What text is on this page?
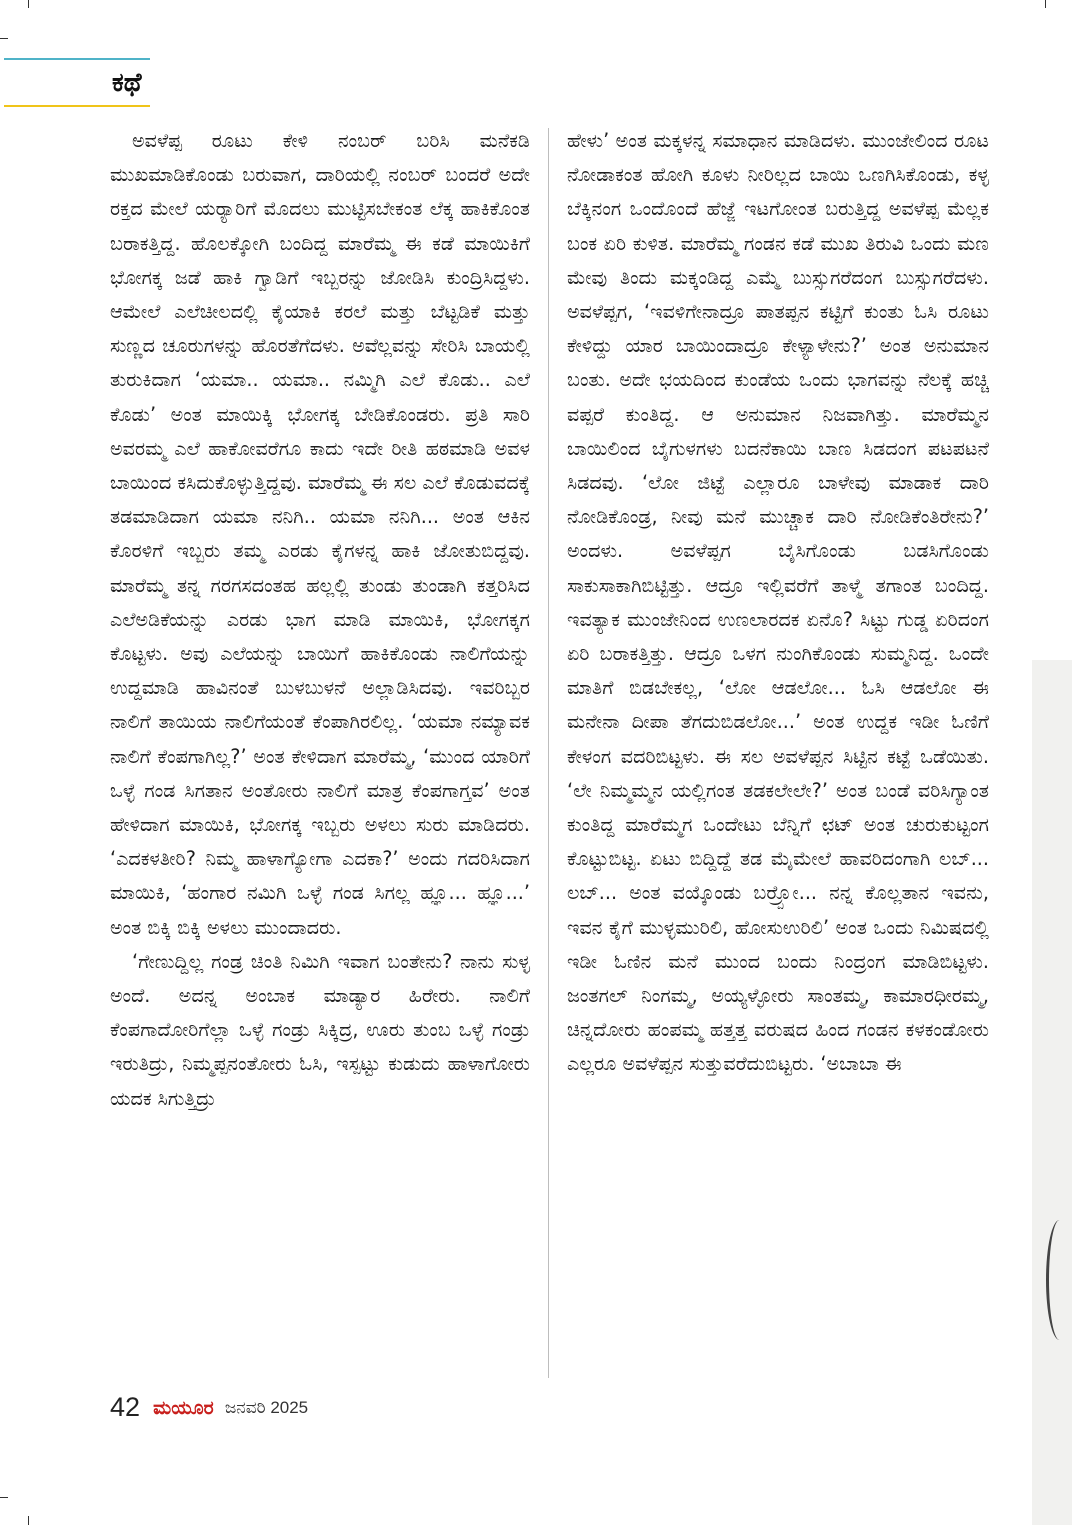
ಕಥೆ

ಅವಳೆಪ್ಪ ರೂಟು ಕೇಳಿ ನಂಬರ್ ಬರಿಸಿ ಮನೆಕಡಿ ಮುಖಮಾಡಿಕೊಂಡು ಬರುವಾಗ, ದಾರಿಯಲ್ಲಿ ನಂಬರ್ ಬಂದರೆ ಅದೇ ರಕ್ತದ ಮೇಲೆ ಯರ್‍ಯಾರಿಗೆ ಮೊದಲು ಮುಟ್ಟಿಸಬೇಕಂತ ಲೆಕ್ಕ ಹಾಕಿಕೊಂತ ಬರಾಕತ್ತಿದ್ದ. ಹೊಲಕ್ಕೋಗಿ ಬಂದಿದ್ದ ಮಾರೆಮ್ಮ ಈ ಕಡೆ ಮಾಯಿಕಿಗೆ ಭೋಗಕ್ಕ ಜಡೆ ಹಾಕಿ ಗ್ವಾಡಿಗೆ ಇಬ್ಬರನ್ನು ಜೋಡಿಸಿ ಕುಂದ್ರಿಸಿದ್ದಳು. ಆಮೇಲೆ ಎಲೆಚೀಲದಲ್ಲಿ ಕೈಯಾಕಿ ಕರಲೆ ಮತ್ತು ಬೆಟ್ಟಡಿಕೆ ಮತ್ತು ಸುಣ್ಣದ ಚೂರುಗಳನ್ನು ಹೊರತೆಗೆದಳು. ಅವೆಲ್ಲವನ್ನು ಸೇರಿಸಿ ಬಾಯಲ್ಲಿ ತುರುಕಿದಾಗ ‘ಯಮಾ.. ಯಮಾ.. ನಮ್ಮಿಗಿ ಎಲೆ ಕೊಡು.. ಎಲೆ ಕೊಡು’ ಅಂತ ಮಾಯಿಕ್ಕಿ ಭೋಗಕ್ಕ ಬೇಡಿಕೊಂಡರು. ಪ್ರತಿ ಸಾರಿ ಅವರಮ್ಮ ಎಲೆ ಹಾಕೋವರೆಗೂ ಕಾದು ಇದೇ ರೀತಿ ಹಠಮಾಡಿ ಅವಳ ಬಾಯಿಂದ ಕಸಿದುಕೊಳ್ಳುತ್ತಿದ್ದವು. ಮಾರೆಮ್ಮ ಈ ಸಲ ಎಲೆ ಕೊಡುವದಕ್ಕೆ ತಡಮಾಡಿದಾಗ ಯಮಾ ನನಿಗಿ.. ಯಮಾ ನನಿಗಿ... ಅಂತ ಆಕಿನ ಕೊರಳಿಗೆ ಇಬ್ಬರು ತಮ್ಮ ಎರಡು ಕೈಗಳನ್ನ ಹಾಕಿ ಜೋತುಬಿದ್ದವು. ಮಾರೆಮ್ಮ ತನ್ನ ಗರಗಸದಂತಹ ಹಲ್ಲಲ್ಲಿ ತುಂಡು ತುಂಡಾಗಿ ಕತ್ತರಿಸಿದ ಎಲೆಅಡಿಕೆಯನ್ನು ಎರಡು ಭಾಗ ಮಾಡಿ ಮಾಯಿಕಿ, ಭೋಗಕ್ಕಗ ಕೊಟ್ಟಳು. ಅವು ಎಲೆಯನ್ನು ಬಾಯಿಗೆ ಹಾಕಿಕೊಂಡು ನಾಲಿಗೆಯನ್ನು ಉದ್ದಮಾಡಿ ಹಾವಿನಂತೆ ಬುಳಬುಳನೆ ಅಲ್ಲಾಡಿಸಿದವು. ಇವರಿಬ್ಬರ ನಾಲಿಗೆ ತಾಯಿಯ ನಾಲಿಗೆಯಂತೆ ಕೆಂಪಾಗಿರಲಿಲ್ಲ. ‘ಯಮಾ ನಮ್ಯಾವಕ ನಾಲಿಗೆ ಕೆಂಪಗಾಗಿಲ್ಲ?’ ಅಂತ ಕೇಳಿದಾಗ ಮಾರೆಮ್ಮ, ‘ಮುಂದ ಯಾರಿಗೆ ಒಳ್ಳೆ ಗಂಡ ಸಿಗತಾನ ಅಂತೋರು ನಾಲಿಗೆ ಮಾತ್ರ ಕೆಂಪಗಾಗ್ತವ’ ಅಂತ ಹೇಳಿದಾಗ ಮಾಯಿಕಿ, ಭೋಗಕ್ಕ ಇಬ್ಬರು ಅಳಲು ಸುರು ಮಾಡಿದರು. ‘ಎದಕಳತೀರಿ? ನಿಮ್ಮ ಹಾಳಾಗ್ಯೋಗಾ ಎದಕಾ?’ ಅಂದು ಗದರಿಸಿದಾಗ ಮಾಯಿಕಿ, ‘ಹಂಗಾರ ನಮಿಗಿ ಒಳ್ಳೆ ಗಂಡ ಸಿಗಲ್ಲ ಹ್ಞೂ... ಹ್ಞೂ...’ ಅಂತ ಬಿಕ್ಕಿ ಬಿಕ್ಕಿ ಅಳಲು ಮುಂದಾದರು.

‘ಗೇಣುದ್ದಿಲ್ಲ ಗಂಡ್ರ ಚಿಂತಿ ನಿಮಿಗಿ ಇವಾಗ ಬಂತೇನು? ನಾನು ಸುಳ್ಳ ಅಂದೆ. ಅದನ್ನ ಅಂಬಾಕ ಮಾಡ್ಯಾರ ಹಿರೇರು. ನಾಲಿಗೆ ಕೆಂಪಗಾದೋರಿಗೆಲ್ಲಾ ಒಳ್ಳೆ ಗಂಡ್ರು ಸಿಕ್ಕಿದ್ರ, ಊರು ತುಂಬ ಒಳ್ಳೆ ಗಂಡ್ರು ಇರುತಿದ್ರು, ನಿಮ್ಮಪ್ಪನಂತೋರು ಓಸಿ, ಇಸ್ಪಟ್ಟು ಕುಡುದು ಹಾಳಾಗೋರು ಯದಕ ಸಿಗುತ್ತಿದ್ರು

ಹೇಳು’ ಅಂತ ಮಕ್ಕಳನ್ನ ಸಮಾಧಾನ ಮಾಡಿದಳು. ಮುಂಜೇಲಿಂದ ರೂಟ ನೋಡಾಕಂತ ಹೋಗಿ ಕೂಳು ನೀರಿಲ್ಲದ ಬಾಯಿ ಒಣಗಿಸಿಕೊಂಡು, ಕಳ್ಳ ಬೆಕ್ಕಿನಂಗ ಒಂದೊಂದೆ ಹೆಜ್ಜೆ ಇಟಗೋಂತ ಬರುತ್ತಿದ್ದ ಅವಳೆಪ್ಪ ಮೆಲ್ಲಕ ಬಂಕ ಏರಿ ಕುಳಿತ. ಮಾರೆಮ್ಮ ಗಂಡನ ಕಡೆ ಮುಖ ತಿರುವಿ ಒಂದು ಮಣ ಮೇವು ತಿಂದು ಮಕ್ಕಂಡಿದ್ದ ಎಮ್ಮೆ ಬುಸ್ಸುಗರೆದಂಗ ಬುಸ್ಸುಗರೆದಳು. ಅವಳೆಪ್ಪಗ, ‘ಇವಳಿಗೇನಾದ್ರೂ ಪಾತಪ್ಪನ ಕಟ್ಟಿಗೆ ಕುಂತು ಓಸಿ ರೂಟು ಕೇಳಿದ್ದು ಯಾರ ಬಾಯಿಂದಾದ್ರೂ ಕೇಳ್ಯಾಳೇನು?’ ಅಂತ ಅನುಮಾನ ಬಂತು. ಅದೇ ಭಯದಿಂದ ಕುಂಡೆಯ ಒಂದು ಭಾಗವನ್ನು ನೆಲಕ್ಕೆ ಹಚ್ಚಿ ವಪ್ಪರೆ ಕುಂತಿದ್ದ. ಆ ಅನುಮಾನ ನಿಜವಾಗಿತ್ತು. ಮಾರೆಮ್ಮನ ಬಾಯಿಲಿಂದ ಬೈಗುಳಗಳು ಬದನೆಕಾಯಿ ಬಾಣ ಸಿಡದಂಗ ಪಟಪಟನೆ ಸಿಡದವು. ‘ಲೋ ಜಿಟ್ಟೆ ಎಲ್ಲಾರೂ ಬಾಳೇವು ಮಾಡಾಕ ದಾರಿ ನೋಡಿಕೊಂಡ್ರ, ನೀವು ಮನೆ ಮುಚ್ಚಾಕ ದಾರಿ ನೋಡಿಕೆಂತಿರೇನು?’ ಅಂದಳು. ಅವಳೆಪ್ಪಗ ಬೈಸಿಗೊಂಡು ಬಡಸಿಗೊಂಡು ಸಾಕುಸಾಕಾಗಿಬಿಟ್ಟಿತ್ತು. ಆದ್ರೂ ಇಲ್ಲಿವರೆಗೆ ತಾಳ್ಮೆ ತಗಾಂತ ಬಂದಿದ್ದ. ಇವತ್ಯಾಕ ಮುಂಜೇನಿಂದ ಉಣಲಾರದಕ ಏನೊ? ಸಿಟ್ಟು ಗುಡ್ಡ ಏರಿದಂಗ ಏರಿ ಬರಾಕತ್ತಿತ್ತು. ಆದ್ರೂ ಒಳಗ ನುಂಗಿಕೊಂಡು ಸುಮ್ಮನಿದ್ದ. ಒಂದೇ ಮಾತಿಗೆ ಬಿಡಬೇಕಲ್ಲ, ‘ಲೋ ಆಡಲೋ... ಓಸಿ ಆಡಲೋ ಈ ಮನೇನಾ ದೀಪಾ ತೆಗದುಬಿಡಲೋ...’ ಅಂತ ಉದ್ದಕ ಇಡೀ ಓಣಿಗೆ ಕೇಳಂಗ ವದರಿಬಿಟ್ಟಳು. ಈ ಸಲ ಅವಳೆಪ್ಪನ ಸಿಟ್ಟಿನ ಕಟ್ಟೆ ಒಡೆಯಿತು. ‘ಲೇ ನಿಮ್ಮಮ್ಮನ ಯಲ್ಲಿಗಂತ ತಡಕಲೇಲೇ?’ ಅಂತ ಬಂಡೆ ವರಿಸಿಗ್ಯಾಂತ ಕುಂತಿದ್ದ ಮಾರೆಮ್ಮಗ ಒಂದೇಟು ಬೆನ್ನಿಗೆ ಛಟ್ ಅಂತ ಚುರುಕುಟ್ಟಂಗ ಕೊಟ್ಟುಬಿಟ್ಟ. ಏಟು ಬಿದ್ದಿದ್ದೆ ತಡ ಮೈಮೇಲೆ ಹಾವರಿದಂಗಾಗಿ ಲಬ್... ಲಬ್... ಅಂತ ವಯ್ಕೊಂಡು ಬರ್‍ರ್ಪೋ... ನನ್ನ ಕೊಲ್ಲತಾನ ಇವನು, ಇವನ ಕೈಗೆ ಮುಳ್ಳಮುರಿಲಿ, ಹೋಸುಉರಿಲಿ’ ಅಂತ ಒಂದು ನಿಮಿಷದಲ್ಲಿ ಇಡೀ ಓಣಿನ ಮನೆ ಮುಂದ ಬಂದು ನಿಂದ್ರಂಗ ಮಾಡಿಬಿಟ್ಟಳು. ಜಂತಗಲ್ ನಿಂಗಮ್ಮ, ಅಯ್ಯಳ್ಳೋರು ಸಾಂತಮ್ಮ, ಕಾಮಾರಧೀರಮ್ಮ, ಚಿನ್ನದೋರು ಹಂಪಮ್ಮ ಹತ್ತತ್ತ ವರುಷದ ಹಿಂದ ಗಂಡನ ಕಳಕಂಡೋರು ಎಲ್ಲರೂ ಅವಳೆಪ್ಪನ ಸುತ್ತುವರೆದುಬಿಟ್ಟರು. ‘ಅಬಾಬಾ ಈ

42 ಮಯೂರ ಜನವರಿ 2025
